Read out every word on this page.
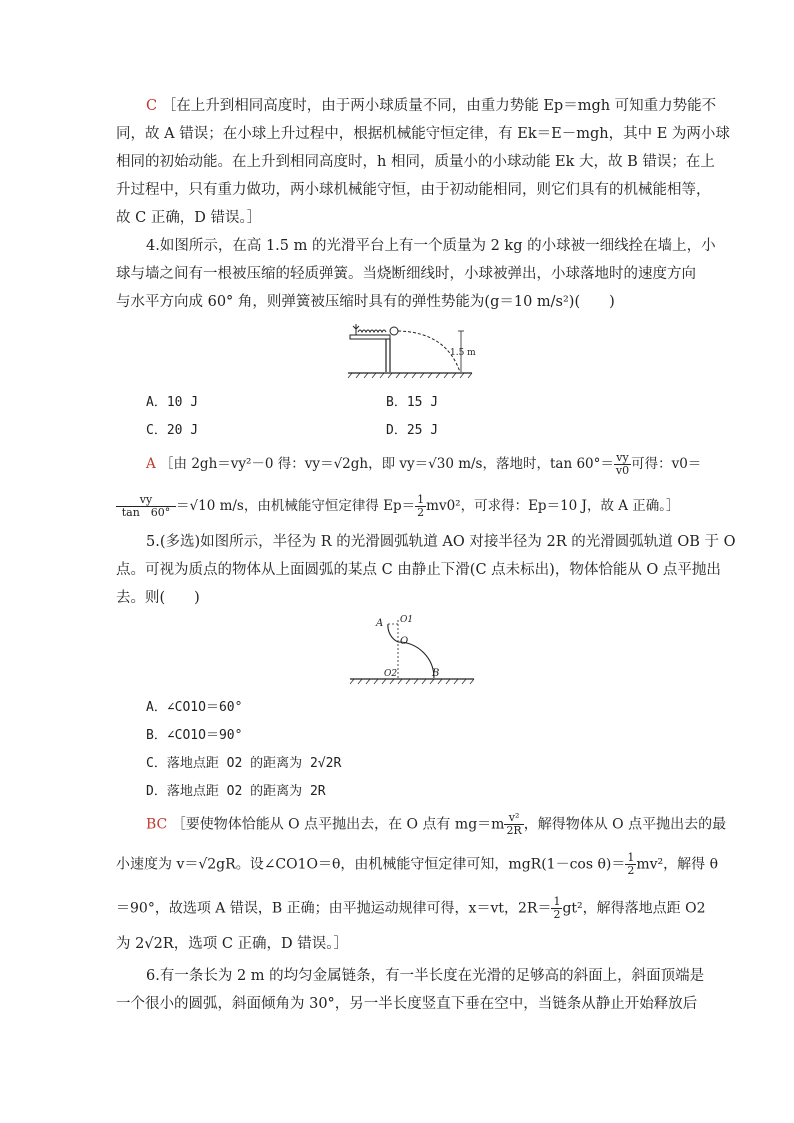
C ［在上升到相同高度时，由于两小球质量不同，由重力势能 Ep＝mgh 可知重力势能不
同，故 A 错误；在小球上升过程中，根据机械能守恒定律，有 Ek＝E－mgh，其中 E 为两小球
相同的初始动能。在上升到相同高度时，h 相同，质量小的小球动能 Ek 大，故 B 错误；在上
升过程中，只有重力做功，两小球机械能守恒，由于初动能相同，则它们具有的机械能相等，
故 C 正确，D 错误。］
4.如图所示，在高 1.5 m 的光滑平台上有一个质量为 2 kg 的小球被一细线拴在墙上，小
球与墙之间有一根被压缩的轻质弹簧。当烧断细线时，小球被弹出，小球落地时的速度方向
与水平方向成 60° 角，则弹簧被压缩时具有的弹性势能为(g＝10 m/s²)(　　)
1.5 m
A．10 J	B．15 J
C．20 J	D．25 J
A ［由 2gh＝vy²－0 得：vy＝√2gh，即 vy＝√30 m/s，落地时，$\tan 60^\circ= \frac{vy}{v0}$ 可得：v0＝
$\frac{vy}{\tan 60^\circ} =√10$ m/s，由机械能守恒定律得 $Ep= \frac{1}{2} mv0^2$，可求得：Ep＝10 J，故 A 正确。］
5.(多选)如图所示，半径为 R 的光滑圆弧轨道 AO 对接半径为 2R 的光滑圆弧轨道 OB 于 O
点。可视为质点的物体从上面圆弧的某点 C 由静止下滑(C 点未标出)，物体恰能从 O 点平抛出
去。则(　　)
A O1
O
O2	B
A．∠CO1O＝60°
B．∠CO1O＝90°
C．落地点距 O2 的距离为 2√2R
D．落地点距 O2 的距离为 2R
BC ［要使物体恰能从 O 点平抛出去，在 O 点有 $mg=m \frac{\text{v²}}{2R}$ ，解得物体从 O 点平抛出去的最
小速度为 v＝√2gR。设∠CO1O＝θ，由机械能守恒定律可知，mgR(1－cos $\theta)= \frac{1}{2} mv^2$，解得 θ
＝90°，故选项 A 错误，B 正确；由平抛运动规律可得，x＝vt，$2R= \frac{1}{2} gt^2$，解得落地点距 O2
为 2√2R，选项 C 正确，D 错误。］
6.有一条长为 2 m 的均匀金属链条，有一半长度在光滑的足够高的斜面上，斜面顶端是
一个很小的圆弧，斜面倾角为 30°，另一半长度竖直下垂在空中，当链条从静止开始释放后
